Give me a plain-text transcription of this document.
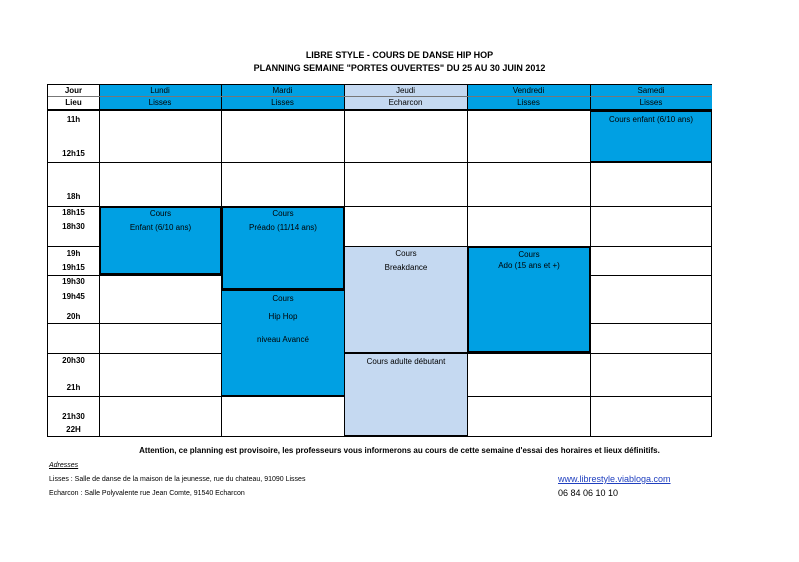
LIBRE STYLE - COURS DE DANSE HIP HOP
PLANNING SEMAINE "PORTES OUVERTES" DU 25 AU 30 JUIN 2012
Jour
Lieu
Lundi
Lisses
Mardi
Lisses
Jeudi
Echarcon
Vendredi
Lisses
Samedi
Lisses
11h
12h15
18h
18h15
18h30
19h
19h15
19h30
19h45
20h
20h30
21h
21h30
22H
Cours enfant (6/10 ans)
Cours
Enfant (6/10 ans)
Cours
Préado (11/14 ans)
Cours
Breakdance
Cours
Ado (15 ans et +)
Cours
Hip Hop
niveau Avancé
Cours adulte débutant
Attention, ce planning est provisoire, les professeurs vous informerons au cours de cette semaine d'essai des horaires et lieux définitifs.
Adresses
Lisses : Salle de danse de la maison de la jeunesse, rue du chateau, 91090 Lisses
Echarcon : Salle Polyvalente rue Jean Comte, 91540 Echarcon
www.librestyle.viabloga.com
06 84 06 10 10
